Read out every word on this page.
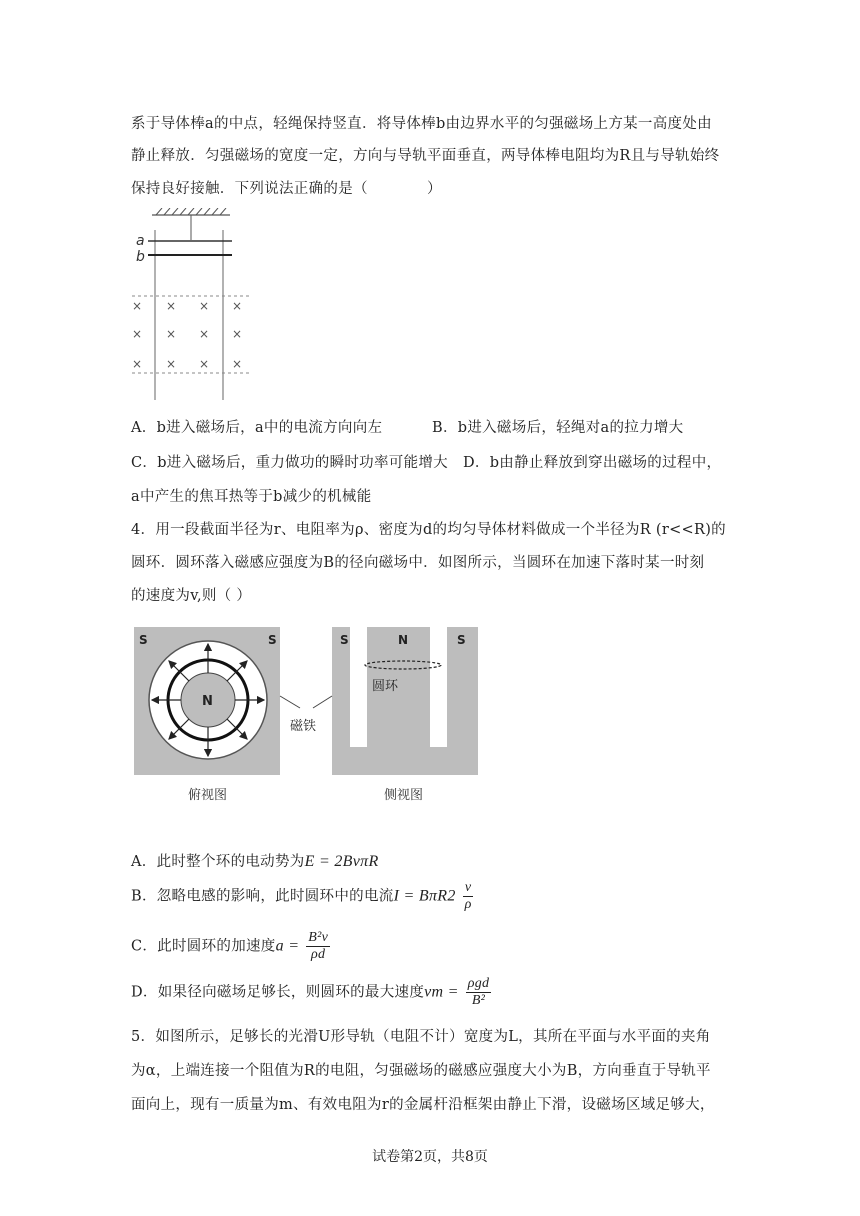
系于导体棒a的中点，轻绳保持竖直．将导体棒b由边界水平的匀强磁场上方某一高度处由
静止释放．匀强磁场的宽度一定，方向与导轨平面垂直，两导体棒电阻均为R且与导轨始终
保持良好接触．下列说法正确的是（　　　　）
a
b
× × × ×
× × × ×
× × × ×
A．b进入磁场后，a中的电流方向向左	B．b进入磁场后，轻绳对a的拉力增大
C．b进入磁场后，重力做功的瞬时功率可能增大 D．b由静止释放到穿出磁场的过程中，
a中产生的焦耳热等于b减少的机械能
4．用一段截面半径为r、电阻率为ρ、密度为d的均匀导体材料做成一个半径为R (r<<R)的
圆环．圆环落入磁感应强度为B的径向磁场中．如图所示，当圆环在加速下落时某一时刻
的速度为v,则（ ）
N
S	S	S	N	S
圆环
磁铁
俯视图	侧视图
A．此时整个环的电动势为E = 2BvπR
B．忽略电感的影响，此时圆环中的电流$I = B\pi R2 \frac{v}{\rho}$
C．此时圆环的加速度$a = \frac{\text{B²v}}{\rho d}$
D．如果径向磁场足够长，则圆环的最大速度vm = $\frac{\text{ρgd}}{\text{B²}}$
5．如图所示，足够长的光滑U形导轨（电阻不计）宽度为L，其所在平面与水平面的夹角
为α，上端连接一个阻值为R的电阻，匀强磁场的磁感应强度大小为B，方向垂直于导轨平
面向上，现有一质量为m、有效电阻为r的金属杆沿框架由静止下滑，设磁场区域足够大，
试卷第2页，共8页
